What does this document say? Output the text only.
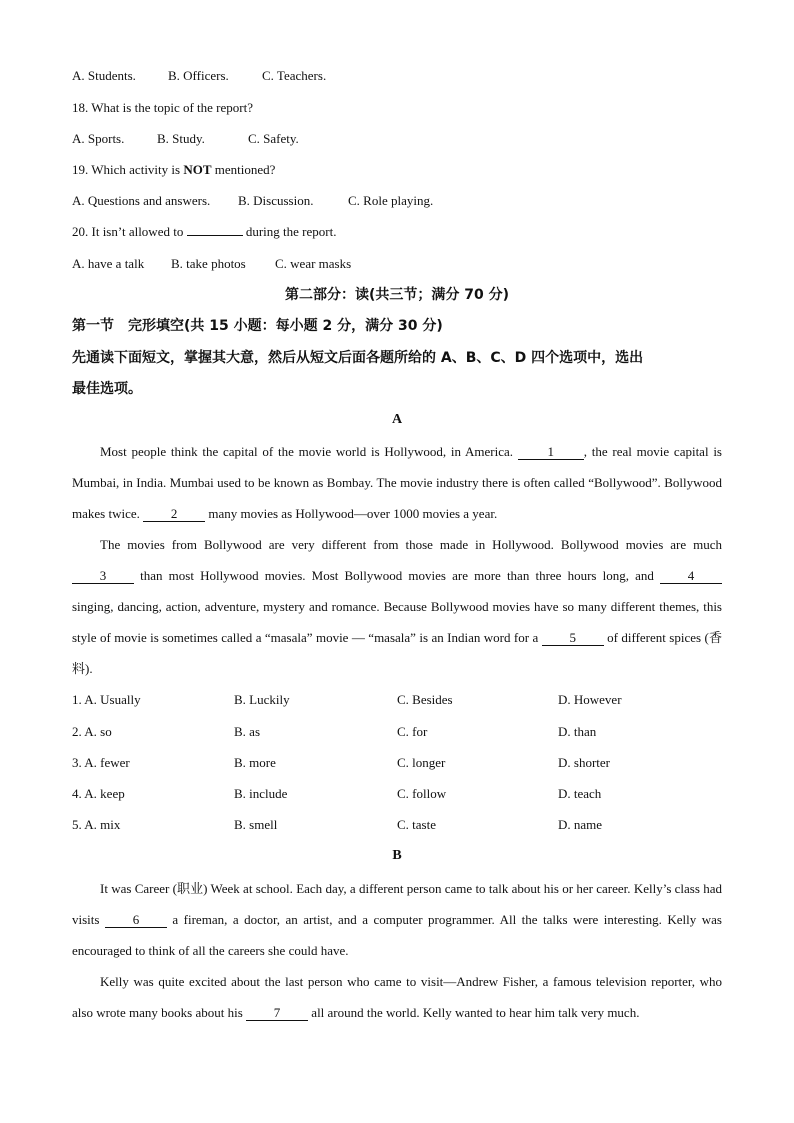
A. Students. B. Officers.	C. Teachers.
18. What is the topic of the report?
A. Sports.	B. Study.	C. Safety.
19. Which activity is NOT mentioned?
A. Questions and answers. B. Discussion.	C. Role playing.
20. It isn’t allowed to	during the report.
A. have a talk B. take photos C. wear masks
第二部分：读(共三节；满分 70 分)
第一节　完形填空(共 15 小题：每小题 2 分，满分 30 分)
先通读下面短文，掌握其大意，然后从短文后面各题所给的 A、B、C、D 四个选项中，选出
最佳选项。
A
Most people think the capital of the movie world is Hollywood, in America. 1 , the real movie capital is Mumbai, in India. Mumbai used to be known as Bombay. The movie industry there is often called “Bollywood”. Bollywood makes twice. 2 many movies as Hollywood—over 1000 movies a year.
The movies from Bollywood are very different from those made in Hollywood. Bollywood movies are much 3 than most Hollywood movies. Most Bollywood movies are more than three hours long, and 4 singing, dancing, action, adventure, mystery and romance. Because Bollywood movies have so many different themes, this style of movie is sometimes called a “masala” movie — “masala” is an Indian word for a 5 of different spices (香料).
1. A. Usually	B. Luckily	C. Besides	D. However
2. A. so	B. as	C. for	D. than
3. A. fewer	B. more	C. longer	D. shorter
4. A. keep	B. include	C. follow	D. teach
5. A. mix	B. smell	C. taste	D. name
B
It was Career (职业) Week at school. Each day, a different person came to talk about his or her career. Kelly’s class had visits 6 a fireman, a doctor, an artist, and a computer programmer. All the talks were interesting. Kelly was encouraged to think of all the careers she could have.
Kelly was quite excited about the last person who came to visit—Andrew Fisher, a famous television reporter, who also wrote many books about his 7 all around the world. Kelly wanted to hear him talk very much.
